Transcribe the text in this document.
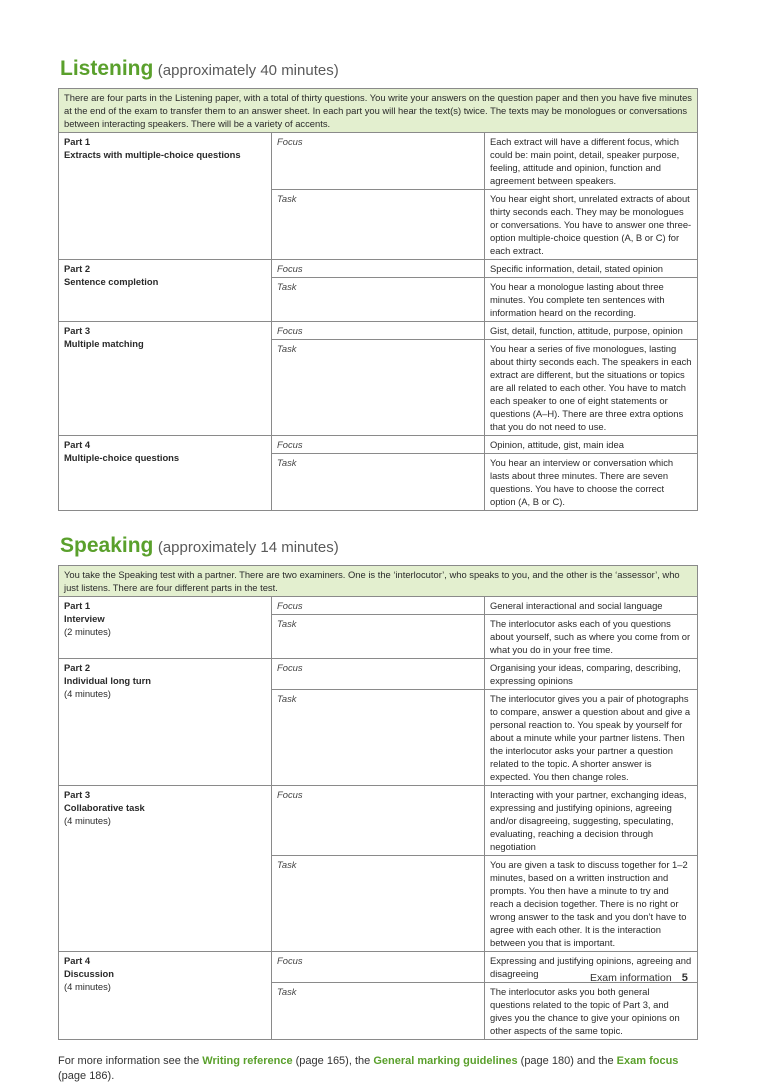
Listening (approximately 40 minutes)
There are four parts in the Listening paper, with a total of thirty questions. You write your answers on the question paper and then you have five minutes at the end of the exam to transfer them to an answer sheet. In each part you will hear the text(s) twice. The texts may be monologues or conversations between interacting speakers. There will be a variety of accents.		

Part 1
Extracts with multiple-choice questions	Focus	Each extract will have a different focus, which could be: main point, detail, speaker purpose, feeling, attitude and opinion, function and agreement between speakers.
	Task	You hear eight short, unrelated extracts of about thirty seconds each. They may be monologues or conversations. You have to answer one three-option multiple-choice question (A, B or C) for each extract.

Part 2
Sentence completion	Focus	Specific information, detail, stated opinion
	Task	You hear a monologue lasting about three minutes. You complete ten sentences with information heard on the recording.

Part 3
Multiple matching	Focus	Gist, detail, function, attitude, purpose, opinion
	Task	You hear a series of five monologues, lasting about thirty seconds each. The speakers in each extract are different, but the situations or topics are all related to each other. You have to match each speaker to one of eight statements or questions (A–H). There are three extra options that you do not need to use.

Part 4
Multiple-choice questions	Focus	Opinion, attitude, gist, main idea
	Task	You hear an interview or conversation which lasts about three minutes. There are seven questions. You have to choose the correct option (A, B or C).
Speaking (approximately 14 minutes)
You take the Speaking test with a partner. There are two examiners. One is the ‘interlocutor’, who speaks to you, and the other is the ‘assessor’, who just listens. There are four different parts in the test.		

Part 1
Interview
(2 minutes)	Focus	General interactional and social language
	Task	The interlocutor asks each of you questions about yourself, such as where you come from or what you do in your free time.

Part 2
Individual long turn
(4 minutes)	Focus	Organising your ideas, comparing, describing, expressing opinions
	Task	The interlocutor gives you a pair of photographs to compare, answer a question about and give a personal reaction to. You speak by yourself for about a minute while your partner listens. Then the interlocutor asks your partner a question related to the topic. A shorter answer is expected. You then change roles.

Part 3
Collaborative task
(4 minutes)	Focus	Interacting with your partner, exchanging ideas, expressing and justifying opinions, agreeing and/or disagreeing, suggesting, speculating, evaluating, reaching a decision through negotiation
	Task	You are given a task to discuss together for 1–2 minutes, based on a written instruction and prompts. You then have a minute to try and reach a decision together. There is no right or wrong answer to the task and you don’t have to agree with each other. It is the interaction between you that is important.

Part 4
Discussion
(4 minutes)	Focus	Expressing and justifying opinions, agreeing and disagreeing
	Task	The interlocutor asks you both general questions related to the topic of Part 3, and gives you the chance to give your opinions on other aspects of the same topic.
For more information see the Writing reference (page 165), the General marking guidelines (page 180) and the Exam focus (page 186).
Exam information 5
